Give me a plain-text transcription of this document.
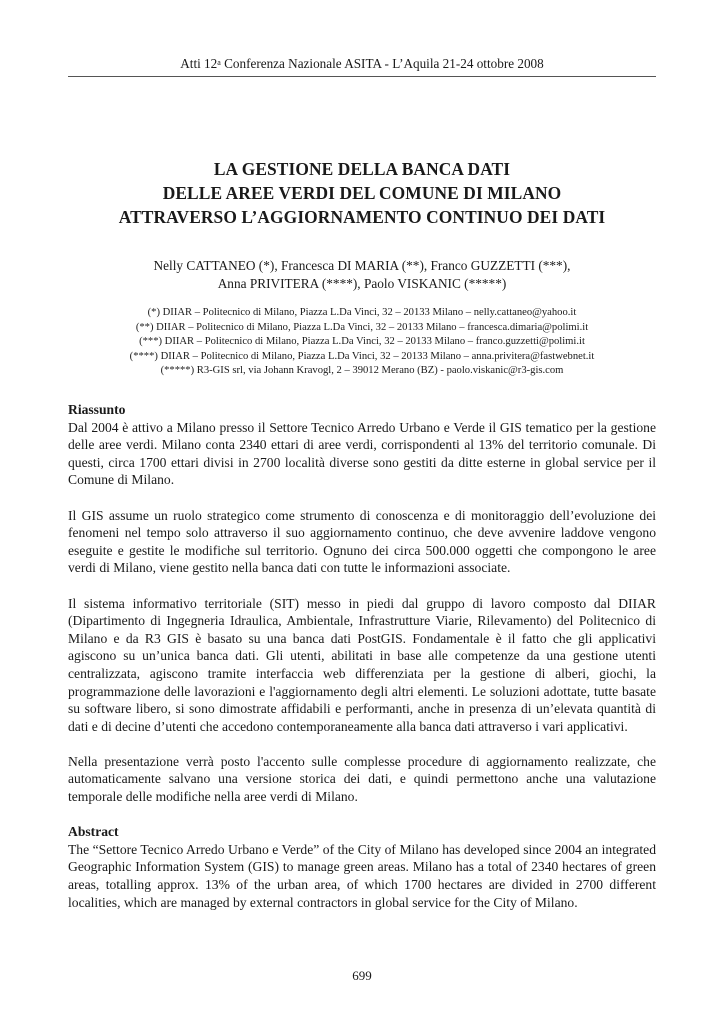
Atti 12$^a$ Conferenza Nazionale ASITA - L’Aquila 21-24 ottobre 2008
LA GESTIONE DELLA BANCA DATI
DELLE AREE VERDI DEL COMUNE DI MILANO
ATTRAVERSO L’AGGIORNAMENTO CONTINUO DEI DATI
Nelly CATTANEO (*), Francesca DI MARIA (**), Franco GUZZETTI (***),
Anna PRIVITERA (****), Paolo VISKANIC (*****)
(*) DIIAR – Politecnico di Milano, Piazza L.Da Vinci, 32 – 20133 Milano – nelly.cattaneo@yahoo.it
(**) DIIAR – Politecnico di Milano, Piazza L.Da Vinci, 32 – 20133 Milano – francesca.dimaria@polimi.it
(***) DIIAR – Politecnico di Milano, Piazza L.Da Vinci, 32 – 20133 Milano – franco.guzzetti@polimi.it
(****) DIIAR – Politecnico di Milano, Piazza L.Da Vinci, 32 – 20133 Milano – anna.privitera@fastwebnet.it
(*****) R3-GIS srl, via Johann Kravogl, 2 – 39012 Merano (BZ) - paolo.viskanic@r3-gis.com
Riassunto

Dal 2004 è attivo a Milano presso il Settore Tecnico Arredo Urbano e Verde il GIS tematico per la gestione delle aree verdi. Milano conta 2340 ettari di aree verdi, corrispondenti al 13% del territorio comunale. Di questi, circa 1700 ettari divisi in 2700 località diverse sono gestiti da ditte esterne in global service per il Comune di Milano.

Il GIS assume un ruolo strategico come strumento di conoscenza e di monitoraggio dell’evoluzione dei fenomeni nel tempo solo attraverso il suo aggiornamento continuo, che deve avvenire laddove vengono eseguite e gestite le modifiche sul territorio. Ognuno dei circa 500.000 oggetti che compongono le aree verdi di Milano, viene gestito nella banca dati con tutte le informazioni associate.

Il sistema informativo territoriale (SIT) messo in piedi dal gruppo di lavoro composto dal DIIAR (Dipartimento di Ingegneria Idraulica, Ambientale, Infrastrutture Viarie, Rilevamento) del Politecnico di Milano e da R3 GIS è basato su una banca dati PostGIS. Fondamentale è il fatto che gli applicativi agiscono su un’unica banca dati. Gli utenti, abilitati in base alle competenze da una gestione utenti centralizzata, agiscono tramite interfaccia web differenziata per la gestione di alberi, giochi, la programmazione delle lavorazioni e l'aggiornamento degli altri elementi. Le soluzioni adottate, tutte basate su software libero, si sono dimostrate affidabili e performanti, anche in presenza di un’elevata quantità di dati e di decine d’utenti che accedono contemporaneamente alla banca dati attraverso i vari applicativi.

Nella presentazione verrà posto l'accento sulle complesse procedure di aggiornamento realizzate, che automaticamente salvano una versione storica dei dati, e quindi permettono anche una valutazione temporale delle modifiche nella aree verdi di Milano.

Abstract

The “Settore Tecnico Arredo Urbano e Verde” of the City of Milano has developed since 2004 an integrated Geographic Information System (GIS) to manage green areas. Milano has a total of 2340 hectares of green areas, totalling approx. 13% of the urban area, of which 1700 hectares are divided in 2700 different localities, which are managed by external contractors in global service for the City of Milano.

699
